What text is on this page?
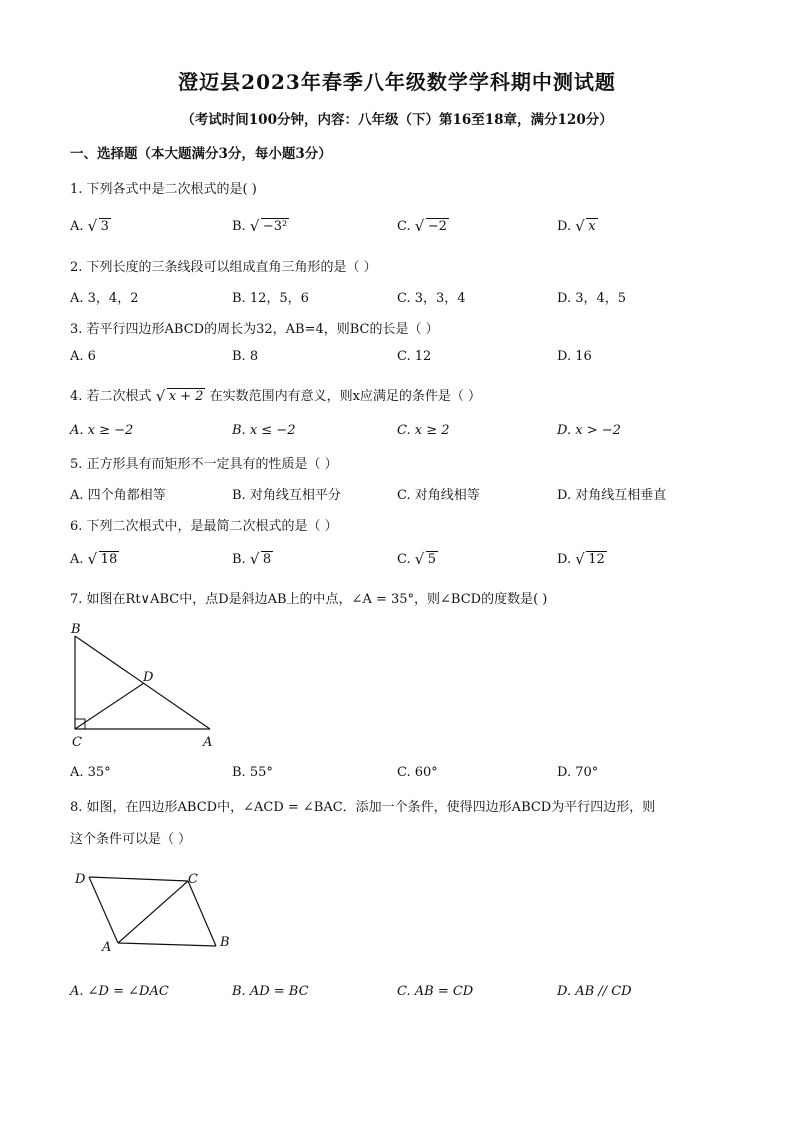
澄迈县2023年春季八年级数学学科期中测试题
（考试时间100分钟，内容：八年级（下）第16至18章，满分120分）
一、选择题（本大题满分3分，每小题3分）
1. 下列各式中是二次根式的是( )
A. √ 3	B. √ −3²	C. √ −2	D. √ x
2. 下列长度的三条线段可以组成直角三角形的是（ ）
A. 3，4，2	B. 12，5，6	C. 3，3，4	D. 3，4，5
3. 若平行四边形ABCD的周长为32，AB=4，则BC的长是（ ）
A. 6	B. 8	C. 12	D. 16
4. 若二次根式 √ x + 2 在实数范围内有意义，则x应满足的条件是（ ）
A. x ≥ −2	B. x ≤ −2	C. x ≥ 2	D. x > −2
5. 正方形具有而矩形不一定具有的性质是（ ）
A. 四个角都相等	B. 对角线互相平分	C. 对角线相等	D. 对角线互相垂直
6. 下列二次根式中，是最简二次根式的是（ ）
A. √ 18	B. √ 8	C. √ 5	D. √ 12
7. 如图在Rt∨ABC中，点D是斜边AB上的中点，∠A = 35°，则∠BCD的度数是( )
B
D
C	A
A. 35°	B. 55°	C. 60°	D. 70°
8. 如图，在四边形ABCD中，∠ACD = ∠BAC．添加一个条件，使得四边形ABCD为平行四边形，则
这个条件可以是（ ）
D	C
A	B
A. ∠D = ∠DAC	B. AD = BC	C. AB = CD	D. AB // CD
